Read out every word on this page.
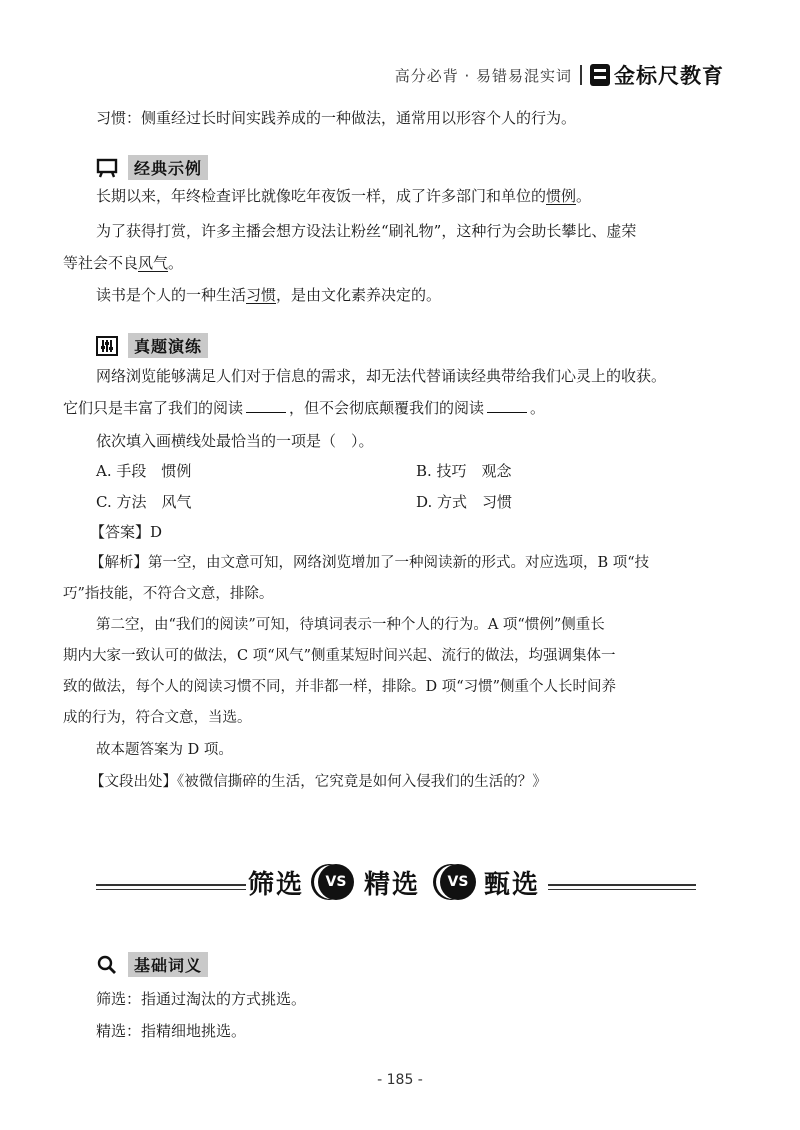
高分必背 · 易错易混实词 金标尺教育
习惯：侧重经过长时间实践养成的一种做法，通常用以形容个人的行为。
经典示例
长期以来，年终检查评比就像吃年夜饭一样，成了许多部门和单位的惯例。
为了获得打赏，许多主播会想方设法让粉丝“刷礼物”，这种行为会助长攀比、虚荣
等社会不良风气。
读书是个人的一种生活习惯，是由文化素养决定的。
真题演练
网络浏览能够满足人们对于信息的需求，却无法代替诵读经典带给我们心灵上的收获。
它们只是丰富了我们的阅读	，但不会彻底颠覆我们的阅读	。
依次填入画横线处最恰当的一项是（　）。
A. 手段　惯例	B. 技巧　观念
C. 方法　风气	D. 方式　习惯
【答案】D
【解析】第一空，由文意可知，网络浏览增加了一种阅读新的形式。对应选项，B 项“技
巧”指技能，不符合文意，排除。
第二空，由“我们的阅读”可知，待填词表示一种个人的行为。A 项“惯例”侧重长
期内大家一致认可的做法，C 项“风气”侧重某短时间兴起、流行的做法，均强调集体一
致的做法，每个人的阅读习惯不同，并非都一样，排除。D 项“习惯”侧重个人长时间养
成的行为，符合文意，当选。
故本题答案为 D 项。
【文段出处】《被微信撕碎的生活，它究竟是如何入侵我们的生活的？》
筛选	VS 精选	VS 甄选
基础词义
筛选：指通过淘汰的方式挑选。
精选：指精细地挑选。
- 185 -
